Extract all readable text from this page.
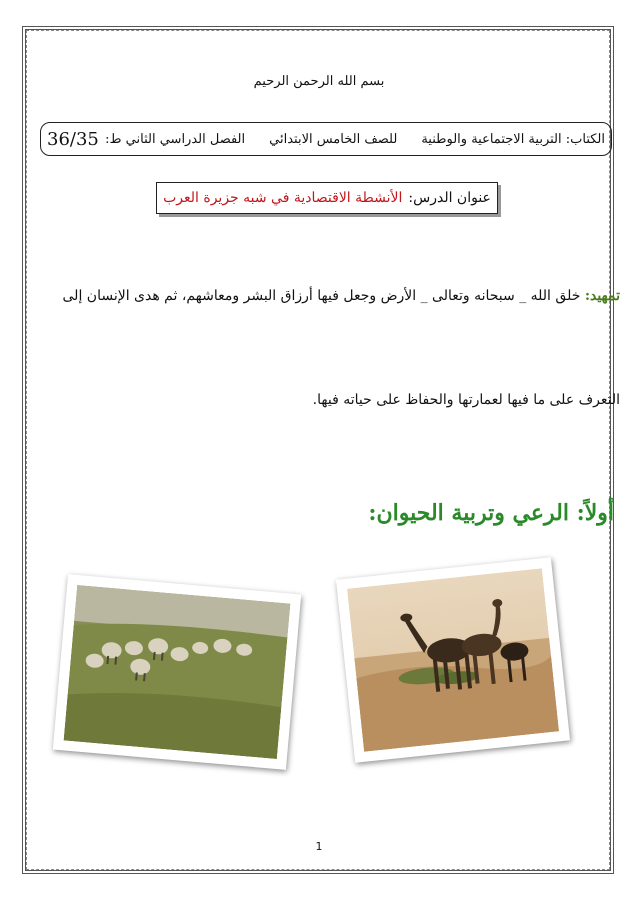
بسم الله الرحمن الرحيم
36/35	الكتاب: التربية الاجتماعية والوطنية
للصف الخامس الابتدائي
الفصل الدراسي الثاني ط:
عنوان الدرس:
الأنشطة الاقتصادية في شبه جزيرة العرب
تمهيد: خلق الله _ سبحانه وتعالى _ الأرض وجعل فيها أرزاق البشر ومعاشهم، ثم هدى الإنسان إلى
التعرف على ما فيها لعمارتها والحفاظ على حياته فيها.
أولاً: الرعي وتربية الحيوان:
1
